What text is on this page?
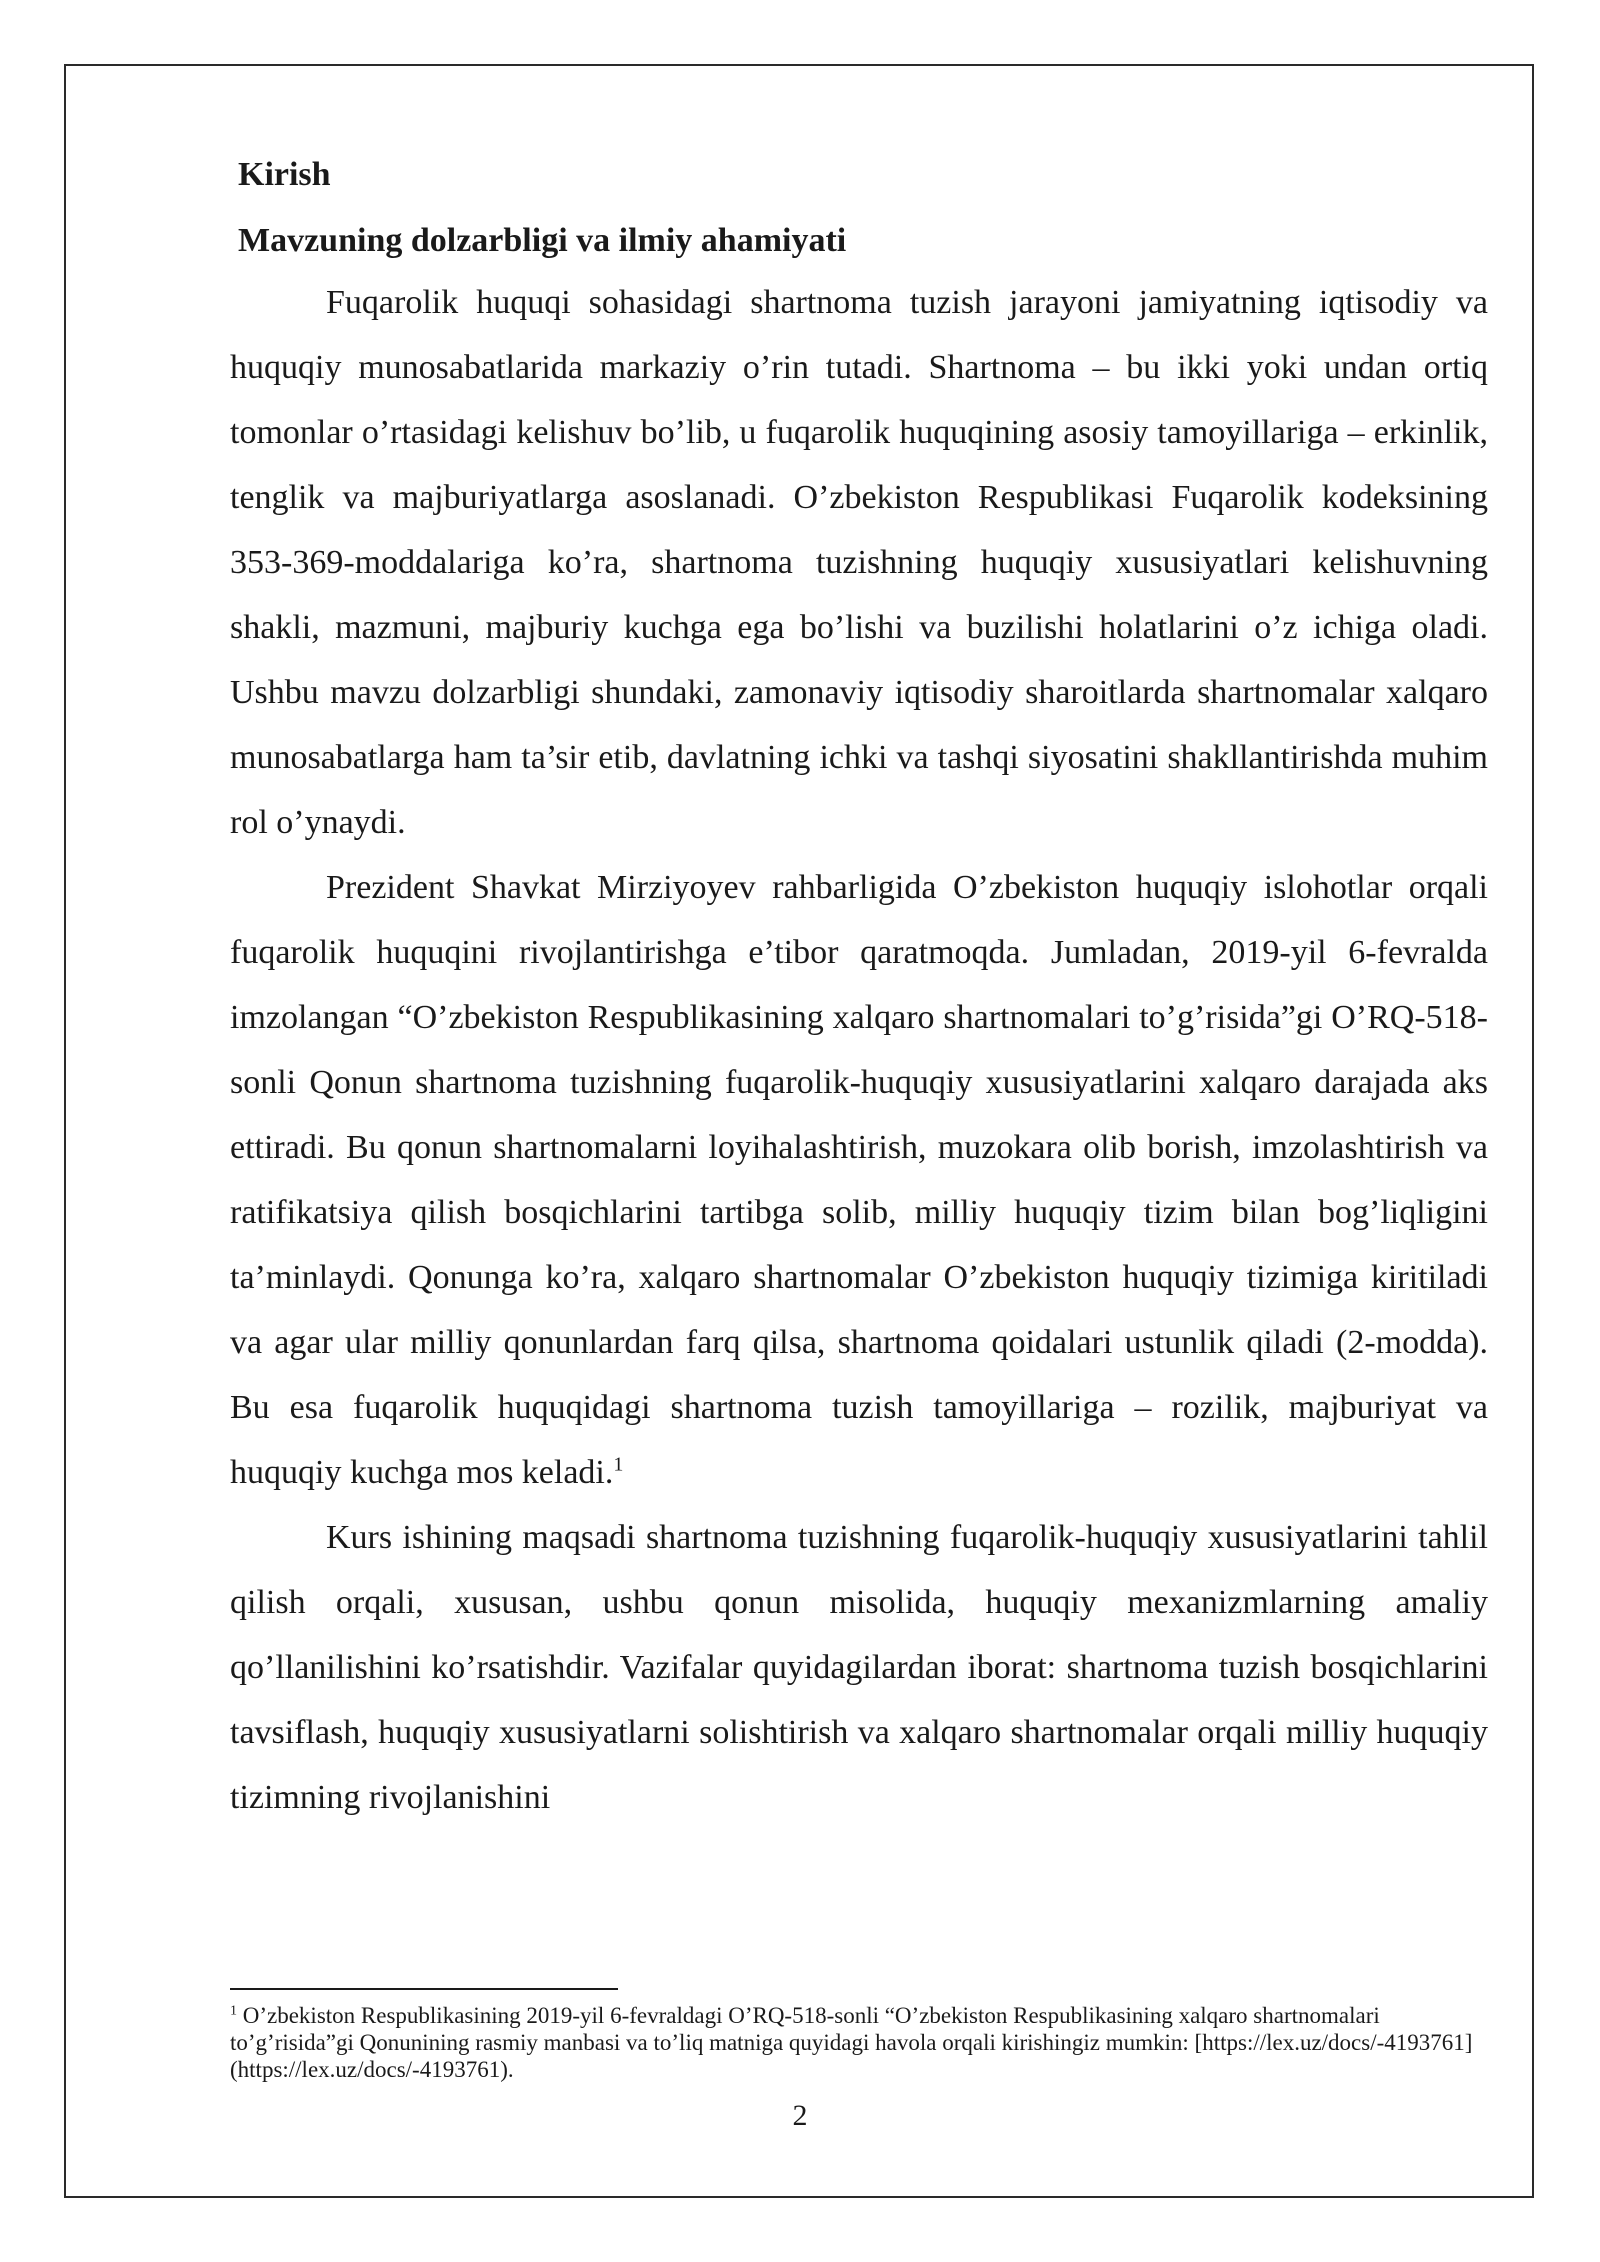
Kirish
Mavzuning dolzarbligi va ilmiy ahamiyati

Fuqarolik huquqi sohasidagi shartnoma tuzish jarayoni jamiyatning iqtisodiy va huquqiy munosabatlarida markaziy o’rin tutadi. Shartnoma – bu ikki yoki undan ortiq tomonlar o’rtasidagi kelishuv bo’lib, u fuqarolik huquqining asosiy tamoyillariga – erkinlik, tenglik va majburiyatlarga asoslanadi. O’zbekiston Respublikasi Fuqarolik kodeksining 353-369-moddalariga ko’ra, shartnoma tuzishning huquqiy xususiyatlari kelishuvning shakli, mazmuni, majburiy kuchga ega bo’lishi va buzilishi holatlarini o’z ichiga oladi. Ushbu mavzu dolzarbligi shundaki, zamonaviy iqtisodiy sharoitlarda shartnomalar xalqaro munosabatlarga ham ta’sir etib, davlatning ichki va tashqi siyosatini shakllantirishda muhim rol o’ynaydi.

Prezident Shavkat Mirziyoyev rahbarligida O’zbekiston huquqiy islohotlar orqali fuqarolik huquqini rivojlantirishga e’tibor qaratmoqda. Jumladan, 2019-yil 6-fevralda imzolangan “O’zbekiston Respublikasining xalqaro shartnomalari to’g’risida”gi O’RQ-518-sonli Qonun shartnoma tuzishning fuqarolik-huquqiy xususiyatlarini xalqaro darajada aks ettiradi. Bu qonun shartnomalarni loyihalashtirish, muzokara olib borish, imzolashtirish va ratifikatsiya qilish bosqichlarini tartibga solib, milliy huquqiy tizim bilan bog’liqligini ta’minlaydi. Qonunga ko’ra, xalqaro shartnomalar O’zbekiston huquqiy tizimiga kiritiladi va agar ular milliy qonunlardan farq qilsa, shartnoma qoidalari ustunlik qiladi (2-modda). Bu esa fuqarolik huquqidagi shartnoma tuzish tamoyillariga – rozilik, majburiyat va huquqiy kuchga mos keladi.$^1$

Kurs ishining maqsadi shartnoma tuzishning fuqarolik-huquqiy xususiyatlarini tahlil qilish orqali, xususan, ushbu qonun misolida, huquqiy mexanizmlarning amaliy qo’llanilishini ko’rsatishdir. Vazifalar quyidagilardan iborat: shartnoma tuzish bosqichlarini tavsiflash, huquqiy xususiyatlarni solishtirish va xalqaro shartnomalar orqali milliy huquqiy tizimning rivojlanishini

$^1$ O’zbekiston Respublikasining 2019-yil 6-fevraldagi O’RQ-518-sonli “O’zbekiston Respublikasining xalqaro shartnomalari to’g’risida”gi Qonunining rasmiy manbasi va to’liq matniga quyidagi havola orqali kirishingiz mumkin: [https://lex.uz/docs/-4193761](https://lex.uz/docs/-4193761).

2
